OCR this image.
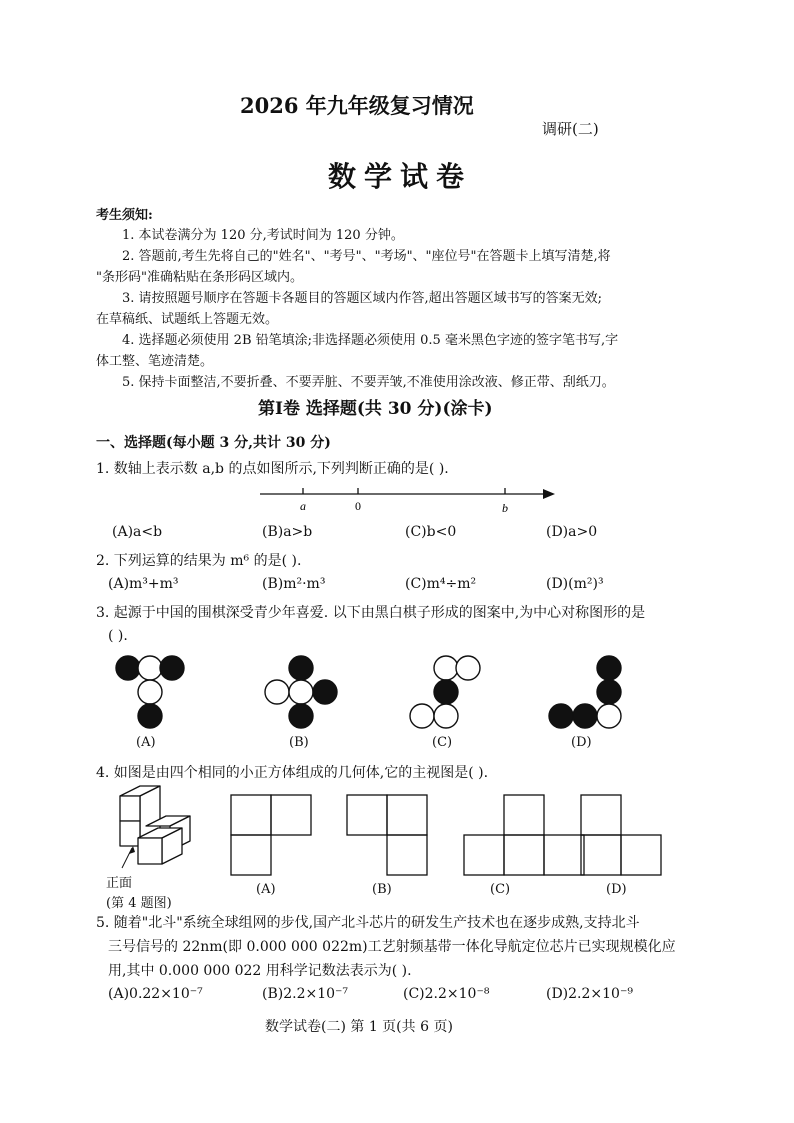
2026 年九年级复习情况
调研(二)
数学试卷
考生须知:
1. 本试卷满分为 120 分,考试时间为 120 分钟。
2. 答题前,考生先将自己的"姓名"、"考号"、"考场"、"座位号"在答题卡上填写清楚,将
"条形码"准确粘贴在条形码区域内。
3. 请按照题号顺序在答题卡各题目的答题区域内作答,超出答题区域书写的答案无效;
在草稿纸、试题纸上答题无效。
4. 选择题必须使用 2B 铅笔填涂;非选择题必须使用 0.5 毫米黑色字迹的签字笔书写,字
体工整、笔迹清楚。
5. 保持卡面整洁,不要折叠、不要弄脏、不要弄皱,不准使用涂改液、修正带、刮纸刀。
第Ⅰ卷 选择题(共 30 分)(涂卡)
一、选择题(每小题 3 分,共计 30 分)
1. 数轴上表示数 a,b 的点如图所示,下列判断正确的是( ).
a	0	b
(A)a<b	(B)a>b	(C)b<0	(D)a>0
2. 下列运算的结果为 m⁶ 的是( ).
(A)m³+m³	(B)m²·m³	(C)m⁴÷m²	(D)(m²)³
3. 起源于中国的围棋深受青少年喜爱. 以下由黑白棋子形成的图案中,为中心对称图形的是
( ).
(A)	(B)	(C)	(D)
4. 如图是由四个相同的小正方体组成的几何体,它的主视图是( ).
正面
(第 4 题图)
(A)	(B)	(C)	(D)
5. 随着"北斗"系统全球组网的步伐,国产北斗芯片的研发生产技术也在逐步成熟,支持北斗
三号信号的 22nm(即 0.000 000 022m)工艺射频基带一体化导航定位芯片已实现规模化应
用,其中 0.000 000 022 用科学记数法表示为( ).
(A)0.22×10⁻⁷	(B)2.2×10⁻⁷	(C)2.2×10⁻⁸	(D)2.2×10⁻⁹
数学试卷(二) 第 1 页(共 6 页)
